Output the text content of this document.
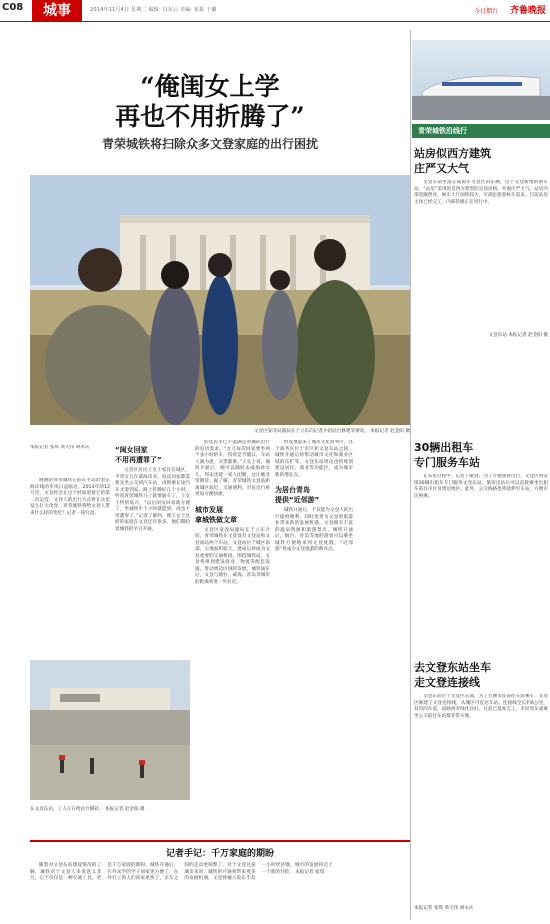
C08	城事	2014年11月4日 星期二 编辑: 冯东云 美编: 崔振 于璐	今日烟台 齐鲁晚报
“俺闺女上学
再也不用折腾了”
青荣城铁将扫除众多文登家庭的出行困扰
文登区发改局副局长于立东向记者介绍站台修建等情况。 本报记者 赵金阳 摄
本报记者 张琪 黄天伟 胡永庆
晓晓的青荣城铁在胶东半岛沿着东海岸线的步伐日益临近。2014年的12月里，文登将会在这个时间迎接它的第一次运营，文登人的出行方式将在这里发生巨大改变，青荣城铁将给文登人带来什么样的变化？记者一探究竟。
“闺女回家
不用再遭罪了”
文登区居民王女士家住在城区，平常女儿在威海读书，每次回家都需要先坐公交到汽车站，再换乘长途汽车才能到家，路上折腾好几个小时。听说青荣城铁马上就要通车了，王女士特别高兴，“以后闺女回家就方便了，坐城铁半个小时就能到，再也不用遭罪了。”记者了解到，像王女士这样的家庭在文登还有很多，他们期盼着城铁的早日开通。
的选民早已不能满足对城际出行的迫切需求。“女儿每次回家要坐两个多小时的车，特别是节假日，车站人满为患，买票都难。”王女士说，城铁开通后，她可以随时去威海看女儿，周末也能一家人团聚，这让她非常期待。据了解，青荣城铁文登站距离城区较近，交通便利，市民出行将更加方便快捷。
城市发展
拿城铁做文章
文登区发改局副局长于立东介绍，青荣城铁在文登设有文登站和文登南站两个车站，文登站位于城区南部，占地面积较大，建成后将成为文登重要的交通枢纽。围绕城铁站，文登将规划建设商业、物流等配套设施，带动周边区域的发展。城铁通车后，文登与烟台、威海、青岛等城市的距离将进一步拉近。
经发展起来了城市文化商务区，这个商务区位于市区和文登东站之间，城铁开通后将带动城市文化和商业区域的东扩等。文登东站周边也将规划建设居住、商业等功能区，成为城市新的增长点。
为居台青岛
提供“近邻游”
城铁开通后，不仅能为文登人的出行提供便利，同时也将为文登的旅游业带来新的发展机遇。文登拥有丰富的温泉资源和旅游景点，城铁开通后，烟台、青岛等地的游客可以乘坐城铁方便地来到文登度假，“近邻游”将成为文登旅游的新亮点。
在文登东站，工人正在给站台铺砖。 本报记者 赵金阳 摄
记者手记：千万家庭的期盼
随着对文登东站建设情况的了解，城铁对于文登人来说意义非凡。它不仅仅是一种交通工具，更是千万家庭的期盼。城铁开通后，在外求学的学子回家更方便了，在外打工的人们回家更快了，亲友之间的走动更频繁了。对于文登这座城市来说，城铁的开通将带来更多的发展机遇，文登将融入胶东半岛一小时经济圈，城市的发展将迈上一个新的台阶。 本报记者 张琪
青荣城铁沿线行
站房似西方建筑
庄严又大气
文登东站坐落在威海市文登区的东侧，这个文登新增的新车站，“站房”采用的是西方典型的尖顶风格，外观庄严大气。站房内部宽敞明亮，候车大厅面积较大，可满足旅客候车需求。目前站房主体已经完工，内部装修正在进行中。
文登东站 本报记者 赵金阳 摄
30辆出租车
专门服务车站
在采访过程中，记者了解到，为了方便旅客出行，文登区将安排30辆出租车专门服务文登东站，旅客出站后可以直接乘坐出租车前往市区及周边地区。此外，公交线路也将延伸至车站，方便市民换乘。
去文登东站坐车
走文登连接线
文登东站位于文登区东部，为了方便市民前往车站乘车，文登区修建了文登连接线，从城区可直达车站。连接线全长约6公里，双向四车道，道路两旁绿化良好，目前已基本完工。市民驾车或乘坐公交前往车站都非常方便。
本报记者 张琪 黄天伟 胡永庆
